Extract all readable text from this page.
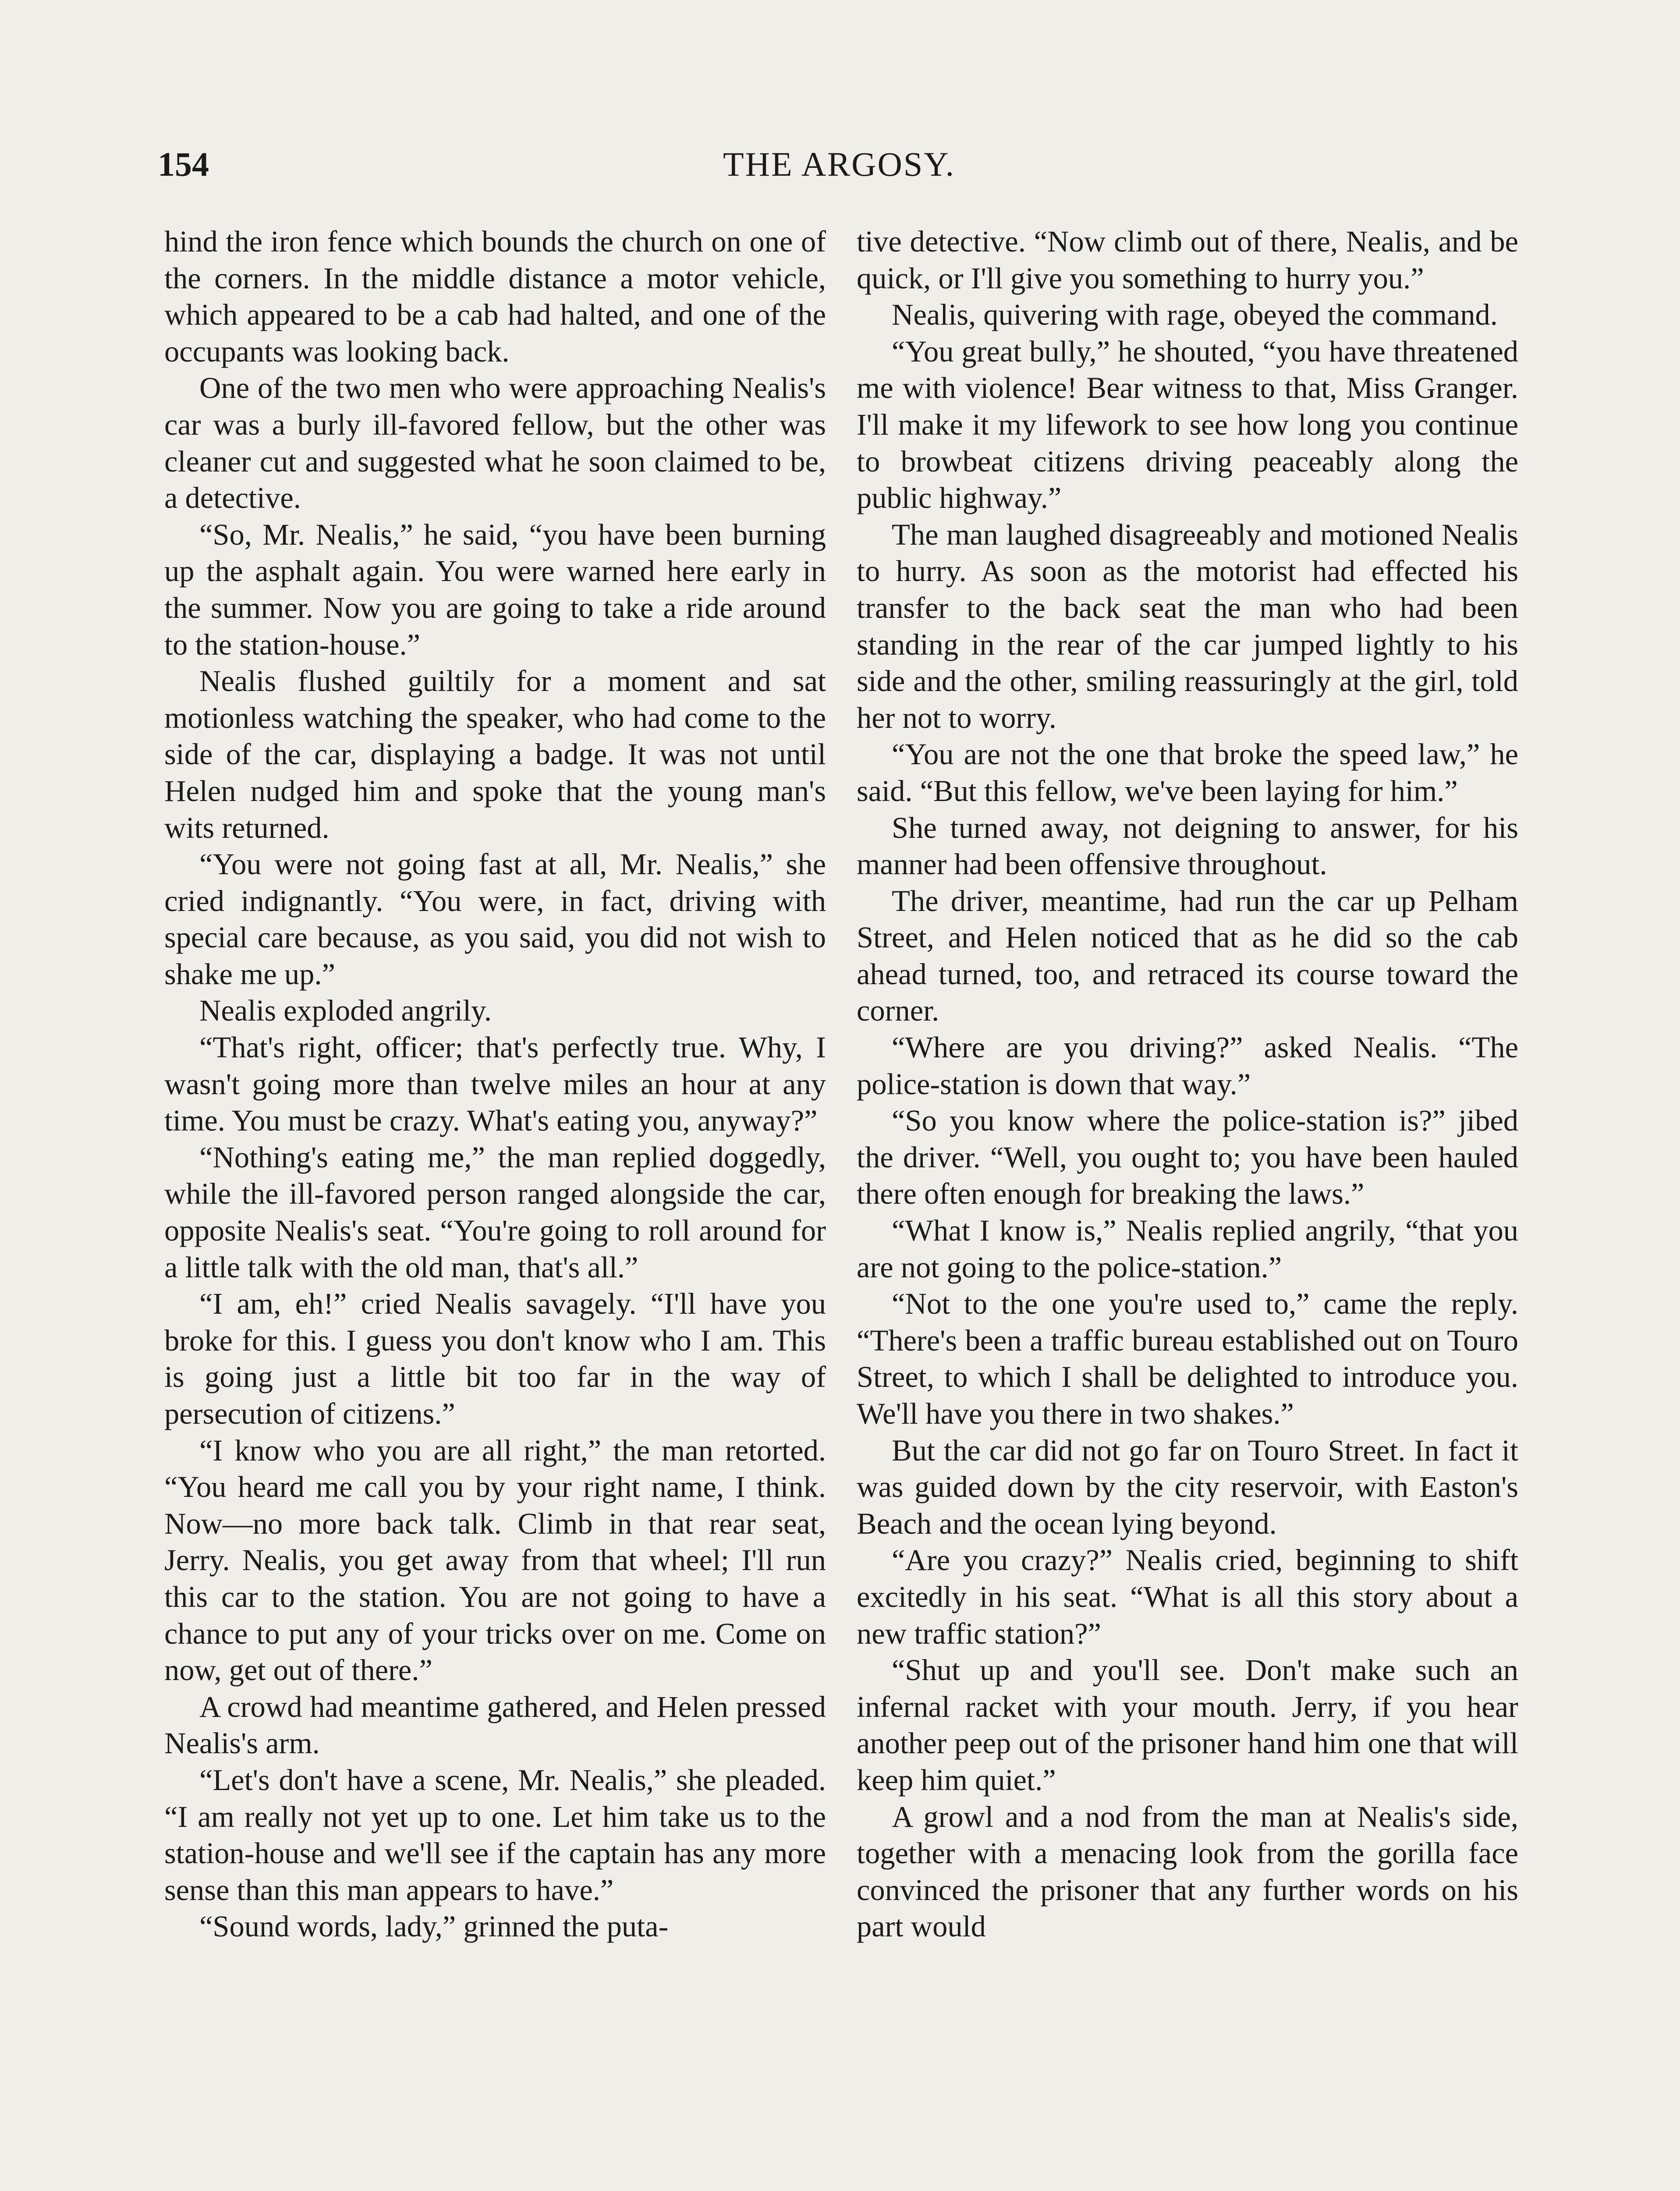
154	THE ARGOSY.

hind the iron fence which bounds the church on one of the corners. In the middle distance a motor vehicle, which appeared to be a cab had halted, and one of the occupants was looking back.

One of the two men who were approaching Nealis's car was a burly ill-favored fellow, but the other was cleaner cut and suggested what he soon claimed to be, a detective.

“So, Mr. Nealis,” he said, “you have been burning up the asphalt again. You were warned here early in the summer. Now you are going to take a ride around to the station-house.”

Nealis flushed guiltily for a moment and sat motionless watching the speaker, who had come to the side of the car, displaying a badge. It was not until Helen nudged him and spoke that the young man's wits returned.

“You were not going fast at all, Mr. Nealis,” she cried indignantly. “You were, in fact, driving with special care because, as you said, you did not wish to shake me up.”

Nealis exploded angrily.

“That's right, officer; that's perfectly true. Why, I wasn't going more than twelve miles an hour at any time. You must be crazy. What's eating you, anyway?”

“Nothing's eating me,” the man replied doggedly, while the ill-favored person ranged alongside the car, opposite Nealis's seat. “You're going to roll around for a little talk with the old man, that's all.”

“I am, eh!” cried Nealis savagely. “I'll have you broke for this. I guess you don't know who I am. This is going just a little bit too far in the way of persecution of citizens.”

“I know who you are all right,” the man retorted. “You heard me call you by your right name, I think. Now—no more back talk. Climb in that rear seat, Jerry. Nealis, you get away from that wheel; I'll run this car to the station. You are not going to have a chance to put any of your tricks over on me. Come on now, get out of there.”

A crowd had meantime gathered, and Helen pressed Nealis's arm.

“Let's don't have a scene, Mr. Nealis,” she pleaded. “I am really not yet up to one. Let him take us to the station-house and we'll see if the captain has any more sense than this man appears to have.”

“Sound words, lady,” grinned the puta-

tive detective. “Now climb out of there, Nealis, and be quick, or I'll give you something to hurry you.”

Nealis, quivering with rage, obeyed the command.

“You great bully,” he shouted, “you have threatened me with violence! Bear witness to that, Miss Granger. I'll make it my lifework to see how long you continue to browbeat citizens driving peaceably along the public highway.”

The man laughed disagreeably and motioned Nealis to hurry. As soon as the motorist had effected his transfer to the back seat the man who had been standing in the rear of the car jumped lightly to his side and the other, smiling reassuringly at the girl, told her not to worry.

“You are not the one that broke the speed law,” he said. “But this fellow, we've been laying for him.”

She turned away, not deigning to answer, for his manner had been offensive throughout.

The driver, meantime, had run the car up Pelham Street, and Helen noticed that as he did so the cab ahead turned, too, and retraced its course toward the corner.

“Where are you driving?” asked Nealis. “The police-station is down that way.”

“So you know where the police-station is?” jibed the driver. “Well, you ought to; you have been hauled there often enough for breaking the laws.”

“What I know is,” Nealis replied angrily, “that you are not going to the police-station.”

“Not to the one you're used to,” came the reply. “There's been a traffic bureau established out on Touro Street, to which I shall be delighted to introduce you. We'll have you there in two shakes.”

But the car did not go far on Touro Street. In fact it was guided down by the city reservoir, with Easton's Beach and the ocean lying beyond.

“Are you crazy?” Nealis cried, beginning to shift excitedly in his seat. “What is all this story about a new traffic station?”

“Shut up and you'll see. Don't make such an infernal racket with your mouth. Jerry, if you hear another peep out of the prisoner hand him one that will keep him quiet.”

A growl and a nod from the man at Nealis's side, together with a menacing look from the gorilla face convinced the prisoner that any further words on his part would
